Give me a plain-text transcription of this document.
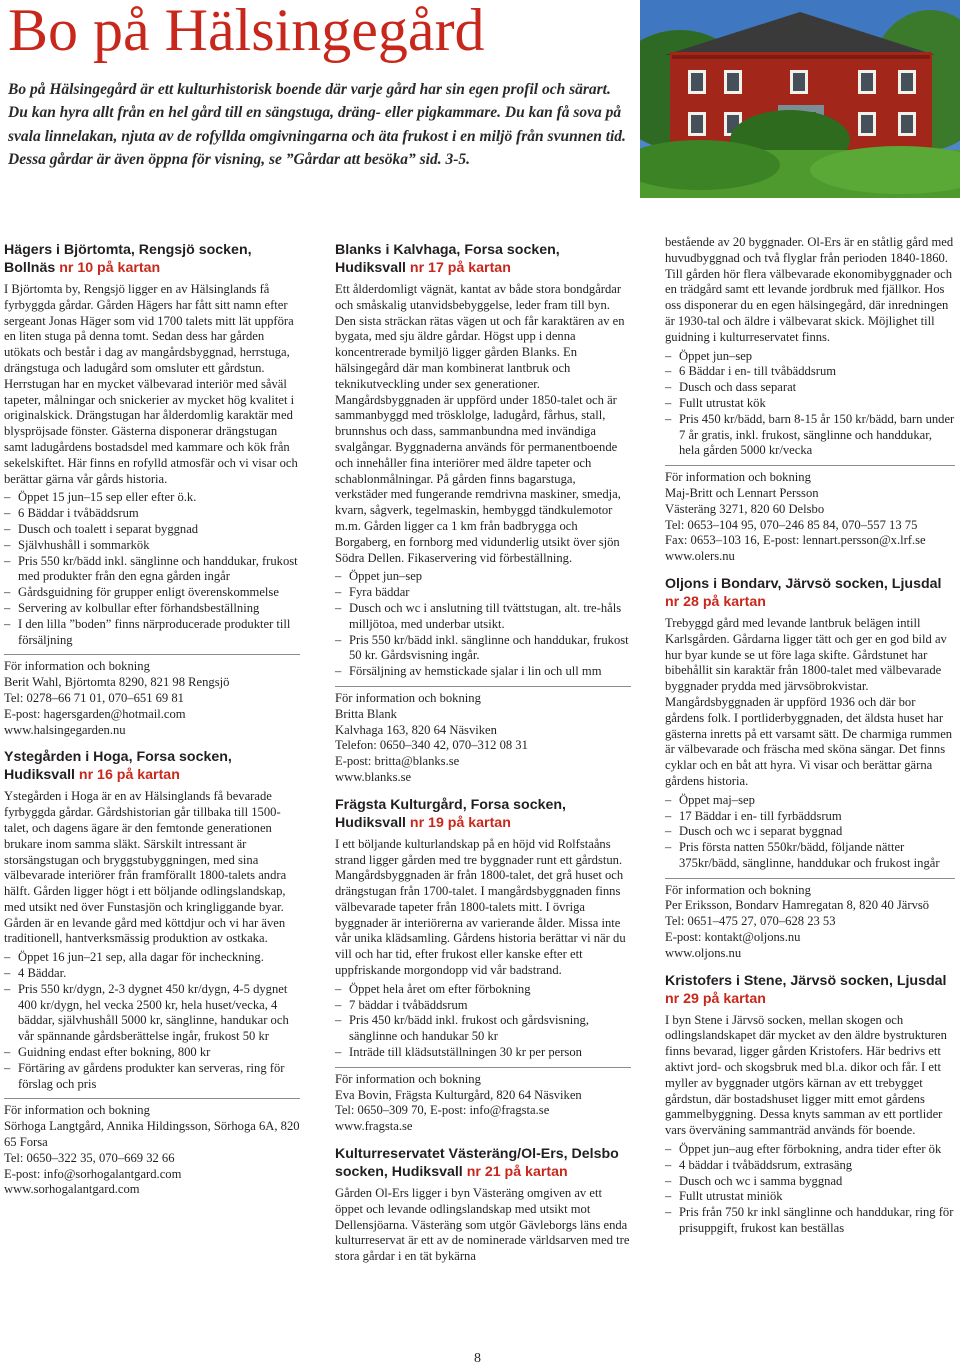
Bo på Hälsingegård

Bo på Hälsingegård är ett kulturhistorisk boende där varje gård har sin egen profil och särart. Du kan hyra allt från en hel gård till en sängstuga, dräng- eller pigkammare. Du kan få sova på svala linnelakan, njuta av de rofyllda omgivningarna och äta frukost i en miljö från svunnen tid. Dessa gårdar är även öppna för visning, se ”Gårdar att besöka” sid. 3-5.

Hägers i Björtomta, Rengsjö socken, Bollnäs nr 10 på kartan

I Björtomta by, Rengsjö ligger en av Hälsinglands få fyrbyggda gårdar. Gården Hägers har fått sitt namn efter sergeant Jonas Häger som vid 1700 talets mitt lät uppföra en liten stuga på denna tomt. Sedan dess har gården utökats och består i dag av mangårdsbyggnad, herrstuga, drängstuga och ladugård som omsluter ett gårdstun. Herrstugan har en mycket välbevarad interiör med såväl tapeter, målningar och snickerier av mycket hög kvalitet i originalskick. Drängstugan har ålderdomlig karaktär med blyspröjsade fönster. Gästerna disponerar drängstugan samt ladugårdens bostadsdel med kammare och kök från sekelskiftet. Här finns en rofylld atmosfär och vi visar och berättar gärna vår gårds historia.

– Öppet 15 jun–15 sep eller efter ö.k.
– 6 Bäddar i tvåbäddsrum
– Dusch och toalett i separat byggnad
– Självhushåll i sommarkök
– Pris 550 kr/bädd inkl. sänglinne och handdukar, frukost med produkter från den egna gården ingår
– Gårdsguidning för grupper enligt överenskommelse
– Servering av kolbullar efter förhandsbeställning
– I den lilla ”boden” finns närproducerade produkter till försäljning
För information och bokning
Berit Wahl, Björtomta 8290, 821 98 Rengsjö
Tel: 0278–66 71 01, 070–651 69 81
E-post: hagersgarden@hotmail.com
www.halsingegarden.nu
Ystegården i Hoga, Forsa socken, Hudiksvall nr 16 på kartan

Ystegården i Hoga är en av Hälsinglands få bevarade fyrbyggda gårdar. Gårdshistorian går tillbaka till 1500-talet, och dagens ägare är den femtonde generationen brukare inom samma släkt. Särskilt intressant är storsängstugan och bryggstubyggningen, med sina välbevarade interiörer från framförallt 1800-talets andra hälft. Gården ligger högt i ett böljande odlingslandskap, med utsikt ned över Funstasjön och kringliggande byar. Gården är en levande gård med köttdjur och vi har även traditionell, hantverksmässig produktion av ostkaka.

– Öppet 16 jun–21 sep, alla dagar för incheckning.
– 4 Bäddar.
– Pris 550 kr/dygn, 2-3 dygnet 450 kr/dygn, 4-5 dygnet 400 kr/dygn, hel vecka 2500 kr, hela huset/vecka, 4 bäddar, självhushåll 5000 kr, sänglinne, handukar och vår spännande gårdsberättelse ingår, frukost 50 kr
– Guidning endast efter bokning, 800 kr
– Förtäring av gårdens produkter kan serveras, ring för förslag och pris
För information och bokning
Sörhoga Langtgård, Annika Hildingsson, Sörhoga 6A, 820 65 Forsa
Tel: 0650–322 35, 070–669 32 66
E-post: info@sorhogalantgard.com
www.sorhogalantgard.com
Blanks i Kalvhaga, Forsa socken, Hudiksvall nr 17 på kartan

Ett ålderdomligt vägnät, kantat av både stora bondgårdar och småskalig utanvidsbebyggelse, leder fram till byn. Den sista sträckan rätas vägen ut och får karaktären av en bygata, med sju äldre gårdar. Högst upp i denna koncentrerade bymiljö ligger gården Blanks. En hälsingegård där man kombinerat lantbruk och teknikutveckling under sex generationer. Mangårdsbyggnaden är uppförd under 1850-talet och är sammanbyggd med trösklolge, ladugård, fårhus, stall, brunnshus och dass, sammanbundna med invändiga svalgångar. Byggnaderna används för permanentboende och innehåller fina interiörer med äldre tapeter och schablonmålningar. På gården finns bagarstuga, verkstäder med fungerande remdrivna maskiner, smedja, kvarn, sågverk, tegelmaskin, hembyggd tändkulemotor m.m. Gården ligger ca 1 km från badbrygga och Borgaberg, en fornborg med vidunderlig utsikt över sjön Södra Dellen. Fikaservering vid förbeställning.

– Öppet jun–sep
– Fyra bäddar
– Dusch och wc i anslutning till tvättstugan, alt. tre-håls milljötoa, med underbar utsikt.
– Pris 550 kr/bädd inkl. sänglinne och handdukar, frukost 50 kr. Gårdsvisning ingår.
– Försäljning av hemstickade sjalar i lin och ull mm
För information och bokning
Britta Blank
Kalvhaga 163, 820 64 Näsviken
Telefon: 0650–340 42, 070–312 08 31
E-post: britta@blanks.se
www.blanks.se
Frägsta Kulturgård, Forsa socken, Hudiksvall nr 19 på kartan

I ett böljande kulturlandskap på en höjd vid Rolfstaåns strand ligger gården med tre byggnader runt ett gårdstun. Mangårdsbyggnaden är från 1800-talet, det grå huset och drängstugan från 1700-talet. I mangårdsbyggnaden finns välbevarade tapeter från 1800-talets mitt. I övriga byggnader är interiörerna av varierande ålder. Missa inte vår unika klädsamling. Gårdens historia berättar vi när du vill och har tid, efter frukost eller kanske efter ett uppfriskande morgondopp vid vår badstrand.

– Öppet hela året om efter förbokning
– 7 bäddar i tvåbäddsrum
– Pris 450 kr/bädd inkl. frukost och gårdsvisning, sänglinne och handukar 50 kr
– Inträde till klädsutställningen 30 kr per person
För information och bokning
Eva Bovin, Frägsta Kulturgård, 820 64 Näsviken
Tel: 0650–309 70, E-post: info@fragsta.se
www.fragsta.se
Kulturreservatet Västeräng/Ol-Ers, Delsbo socken, Hudiksvall nr 21 på kartan

Gården Ol-Ers ligger i byn Västeräng omgiven av ett öppet och levande odlingslandskap med utsikt mot Dellensjöarna. Västeräng som utgör Gävleborgs läns enda kulturreservat är ett av de nominerade världsarven med tre stora gårdar i en tät bykärna

bestående av 20 byggnader. Ol-Ers är en ståtlig gård med huvudbyggnad och två flyglar från perioden 1840-1860. Till gården hör flera välbevarade ekonomibyggnader och en trädgård samt ett levande jordbruk med fjällkor. Hos oss disponerar du en egen hälsingegård, där inredningen är 1930-tal och äldre i välbevarat skick. Möjlighet till guidning i kulturreservatet finns.

– Öppet jun–sep
– 6 Bäddar i en- till tvåbäddsrum
– Dusch och dass separat
– Fullt utrustat kök
– Pris 450 kr/bädd, barn 8-15 år 150 kr/bädd, barn under 7 år gratis, inkl. frukost, sänglinne och handdukar, hela gården 5000 kr/vecka
För information och bokning
Maj-Britt och Lennart Persson
Västeräng 3271, 820 60 Delsbo
Tel: 0653–104 95, 070–246 85 84, 070–557 13 75
Fax: 0653–103 16, E-post: lennart.persson@x.lrf.se
www.olers.nu
Oljons i Bondarv, Järvsö socken, Ljusdal nr 28 på kartan

Trebyggd gård med levande lantbruk belägen intill Karlsgården. Gårdarna ligger tätt och ger en god bild av hur byar kunde se ut före laga skifte. Gårdstunet har bibehållit sin karaktär från 1800-talet med välbevarade byggnader prydda med järvsöbrokvistar. Mangårdsbyggnaden är uppförd 1936 och där bor gårdens folk. I portliderbyggnaden, det äldsta huset har gästerna inretts på ett varsamt sätt. De charmiga rummen är välbevarade och fräscha med sköna sängar. Det finns cyklar och en båt att hyra. Vi visar och berättar gärna gårdens historia.

– Öppet maj–sep
– 17 Bäddar i en- till fyrbäddsrum
– Dusch och wc i separat byggnad
– Pris första natten 550kr/bädd, följande nätter 375kr/bädd, sänglinne, handdukar och frukost ingår
För information och bokning
Per Eriksson, Bondarv Hamregatan 8, 820 40 Järvsö
Tel: 0651–475 27, 070–628 23 53
E-post: kontakt@oljons.nu
www.oljons.nu
Kristofers i Stene, Järvsö socken, Ljusdal nr 29 på kartan

I byn Stene i Järvsö socken, mellan skogen och odlingslandskapet där mycket av den äldre bystrukturen finns bevarad, ligger gården Kristofers. Här bedrivs ett aktivt jord- och skogsbruk med bl.a. dikor och får. I ett myller av byggnader utgörs kärnan av ett trebygget gårdstun, där bostadshuset ligger mitt emot gårdens gammelbyggning. Dessa knyts samman av ett portlider vars överväning sammanträd används för boende.

– Öppet jun–aug efter förbokning, andra tider efter ök
– 4 bäddar i tvåbäddsrum, extrasäng
– Dusch och wc i samma byggnad
– Fullt utrustat miniök
– Pris från 750 kr inkl sänglinne och handdukar, ring för prisuppgift, frukost kan beställas
8
